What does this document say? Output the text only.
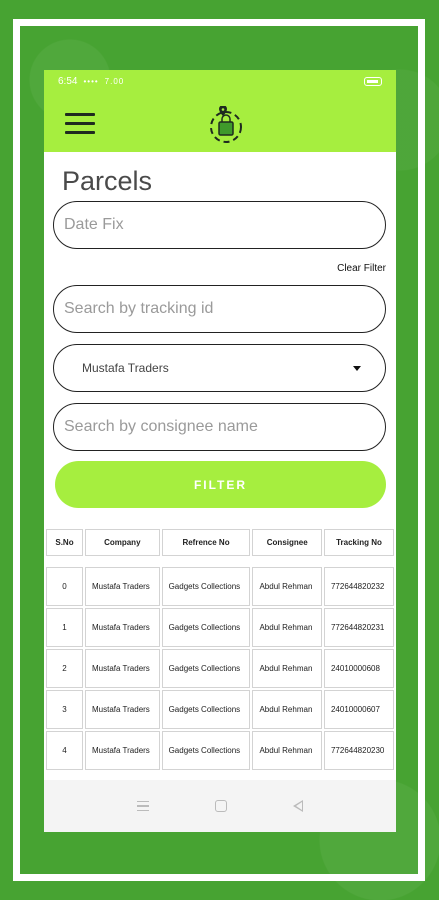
6:54 •••• 7.00
Parcels
Date Fix
Clear Filter
Search by tracking id
Mustafa Traders
Search by consignee name
FILTER
S.No	Company	Refrence No	Consignee	Tracking No

0	Mustafa Traders	Gadgets Collections	Abdul Rehman	772644820232
1	Mustafa Traders	Gadgets Collections	Abdul Rehman	772644820231
2	Mustafa Traders	Gadgets Collections	Abdul Rehman	24010000608
3	Mustafa Traders	Gadgets Collections	Abdul Rehman	24010000607
4	Mustafa Traders	Gadgets Collections	Abdul Rehman	772644820230
